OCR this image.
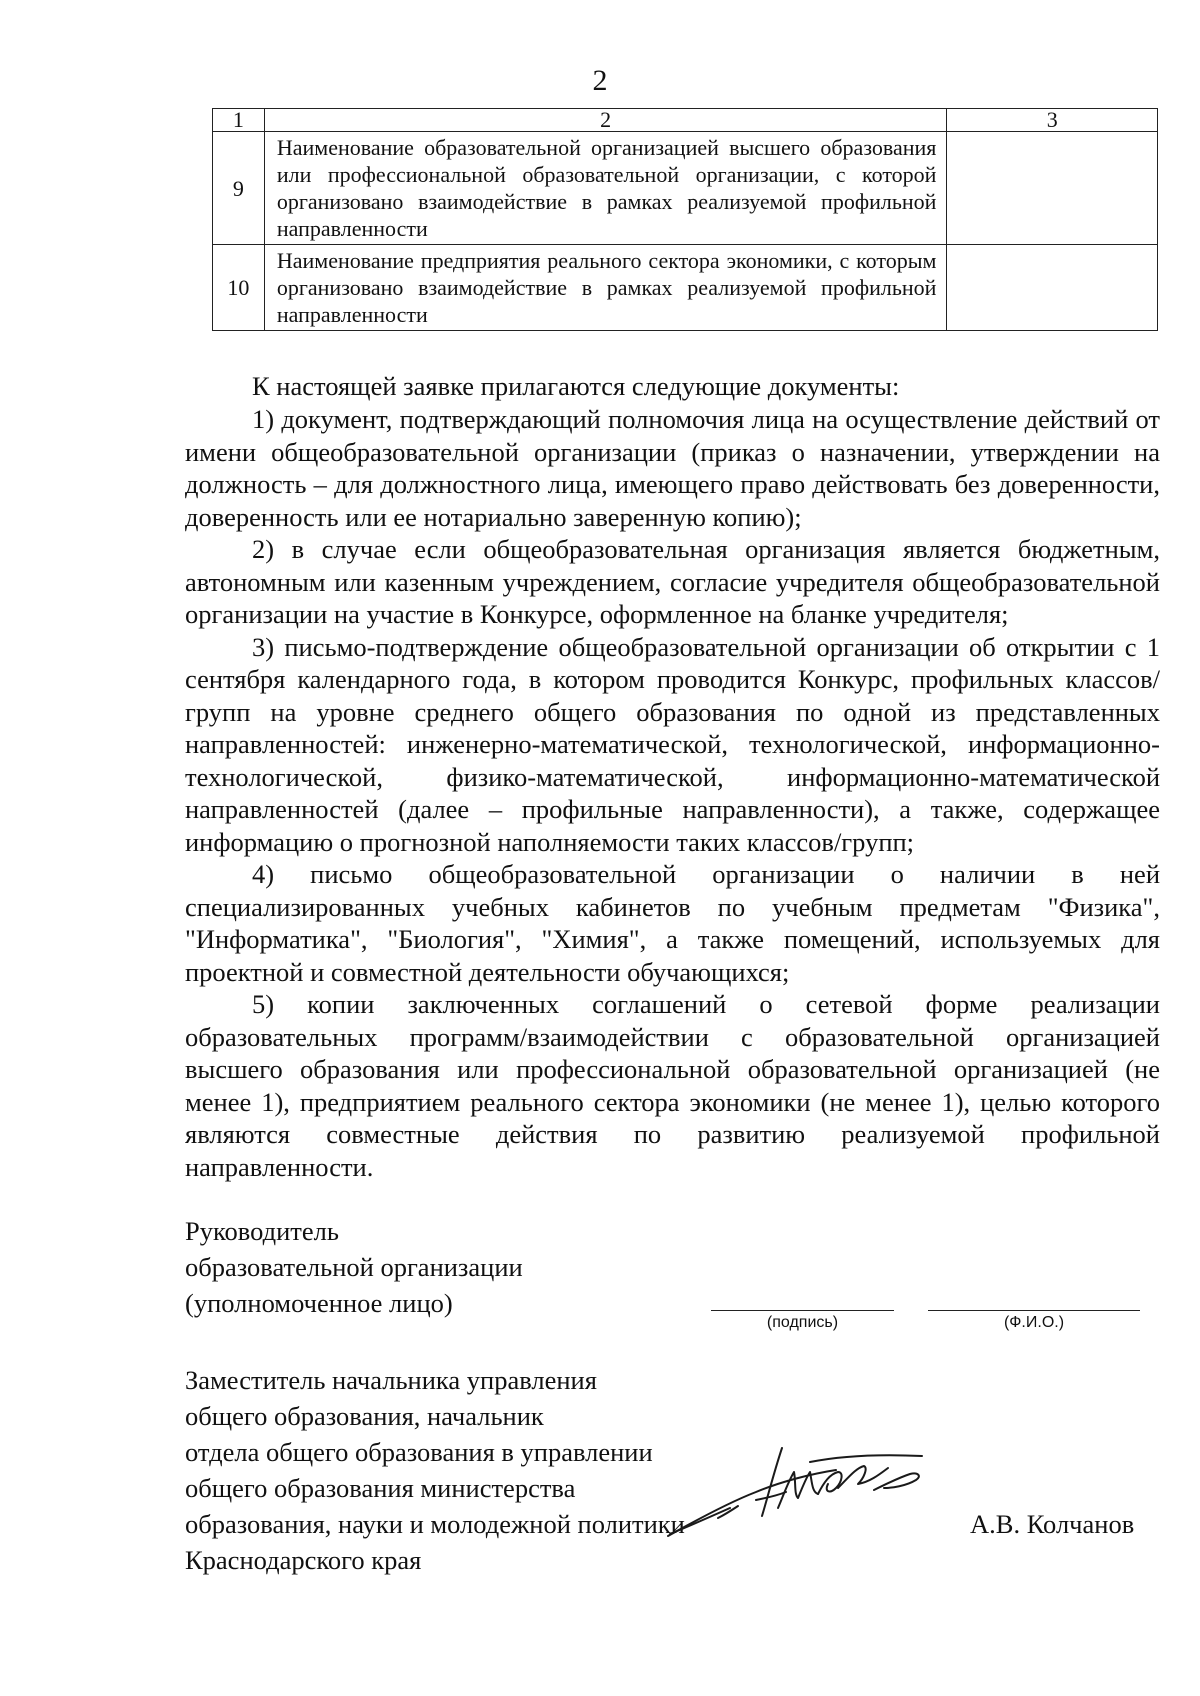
2
1	2	3
9	Наименование образовательной организацией высшего образования или профессиональной образовательной организации, с которой организовано взаимодействие в рамках реализуемой профильной направленности	
10	Наименование предприятия реального сектора экономики, с которым организовано взаимодействие в рамках реализуемой профильной направленности	
К настоящей заявке прилагаются следующие документы:
1) документ, подтверждающий полномочия лица на осуществление действий от имени общеобразовательной организации (приказ о назначении, утверждении на должность – для должностного лица, имеющего право действовать без доверенности, доверенность или ее нотариально заверенную копию);
2) в случае если общеобразовательная организация является бюджетным, автономным или казенным учреждением, согласие учредителя общеобразовательной организации на участие в Конкурсе, оформленное на бланке учредителя;
3) письмо-подтверждение общеобразовательной организации об открытии с 1 сентября календарного года, в котором проводится Конкурс, профильных классов/групп на уровне среднего общего образования по одной из представленных направленностей: инженерно-математической, технологической, информационно-технологической, физико-математической, информационно-математической направленностей (далее – профильные направленности), а также, содержащее информацию о прогнозной наполняемости таких классов/групп;
4) письмо общеобразовательной организации о наличии в ней специализированных учебных кабинетов по учебным предметам "Физика", "Информатика", "Биология", "Химия", а также помещений, используемых для проектной и совместной деятельности обучающихся;
5) копии заключенных соглашений о сетевой форме реализации образовательных программ/взаимодействии с образовательной организацией высшего образования или профессиональной образовательной организацией (не менее 1), предприятием реального сектора экономики (не менее 1), целью которого являются совместные действия по развитию реализуемой профильной направленности.
Руководитель
образовательной организации
(уполномоченное лицо)
(подпись)	(Ф.И.О.)
Заместитель начальника управления
общего образования, начальник
отдела общего образования в управлении
общего образования министерства
образования, науки и молодежной политики
Краснодарского края
А.В. Колчанов
